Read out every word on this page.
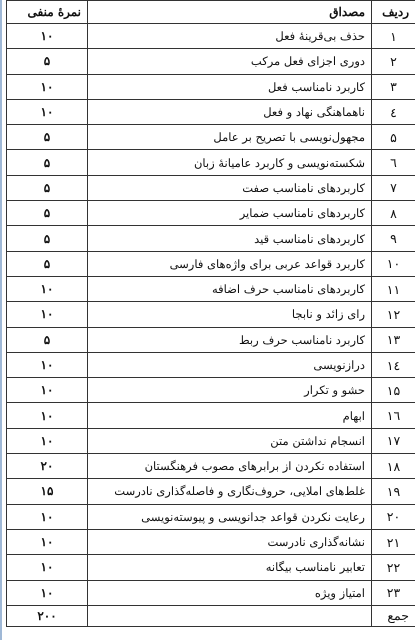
ردیف	مصداق	نمرهٔ منفی
۱	حذف بی‌قرینهٔ فعل	۱۰
۲	دوری اجزای فعل مرکب	۵
۳	کاربرد نامناسب فعل	۱۰
٤	ناهماهنگی نهاد و فعل	۱۰
۵	مجهول‌نویسی با تصریح بر عامل	۵
٦	شکسته‌نویسی و کاربرد عامیانهٔ زبان	۵
۷	کاربردهای نامناسب صفت	۵
۸	کاربردهای نامناسب ضمایر	۵
۹	کاربردهای نامناسب قید	۵
۱۰	کاربرد قواعد عربی برای واژه‌های فارسی	۵
۱۱	کاربردهای نامناسب حرف اضافه	۱۰
۱۲	رای زائد و نابجا	۱۰
۱۳	کاربرد نامناسب حرف ربط	۵
۱٤	درازنویسی	۱۰
۱۵	حشو و تکرار	۱۰
۱٦	ابهام	۱۰
۱۷	انسجام نداشتن متن	۱۰
۱۸	استفاده نکردن از برابرهای مصوب فرهنگستان	۲۰
۱۹	غلط‌های املایی، حروف‌نگاری و فاصله‌گذاری نادرست	۱۵
۲۰	رعایت نکردن قواعد جدانویسی و پیوسته‌نویسی	۱۰
۲۱	نشانه‌گذاری نادرست	۱۰
۲۲	تعابیر نامناسب بیگانه	۱۰
۲۳	امتیاز ویژه	۱۰
جمع		۲۰۰
